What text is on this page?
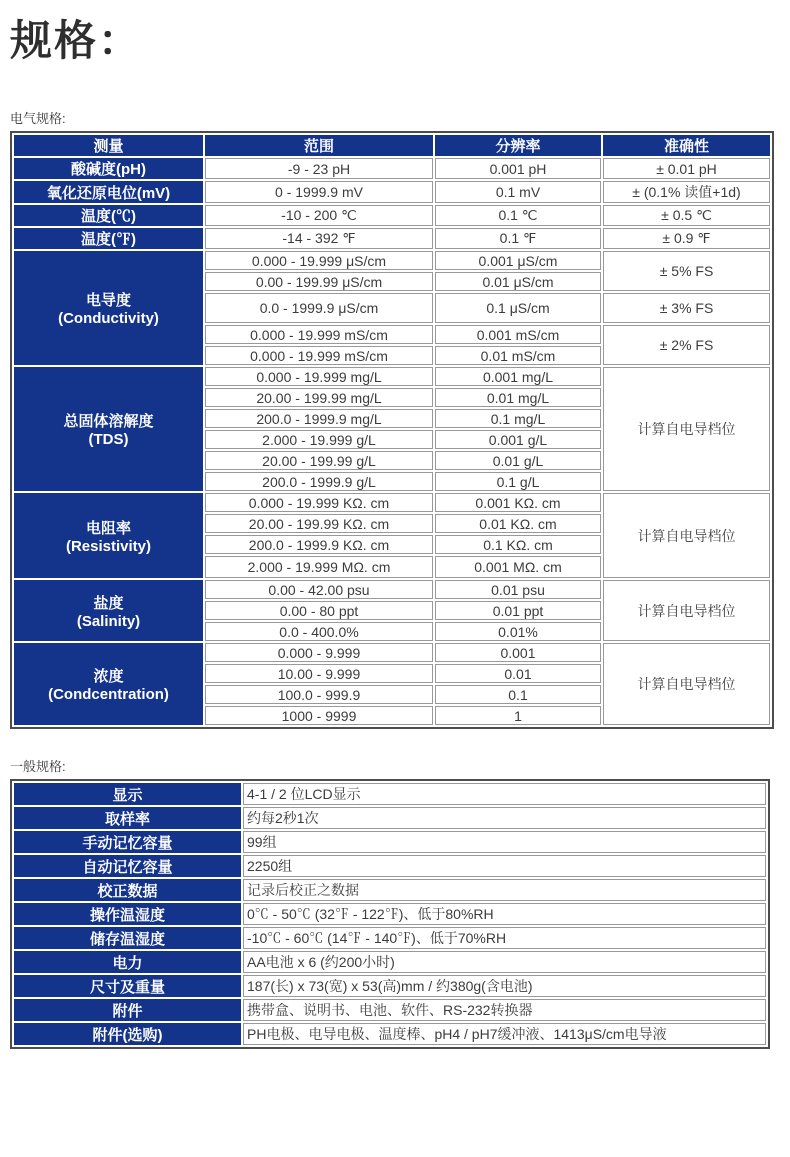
规格：
电气规格:
测量	范围	分辨率	准确性
酸碱度(pH)	-9 - 23 pH	0.001 pH	± 0.01 pH
氧化还原电位(mV)	0 - 1999.9 mV	0.1 mV	± (0.1% 读值+1d)
温度(℃)	-10 - 200 ℃	0.1 ℃	± 0.5 ℃
温度(℉)	-14 - 392 ℉	0.1 ℉	± 0.9 ℉

电导度
(Conductivity)	0.000 - 19.999 μS/cm	0.001 μS/cm	± 5% FS
	0.00 - 199.99 μS/cm	0.01 μS/cm	
	0.0 - 1999.9 μS/cm	0.1 μS/cm	± 3% FS
	0.000 - 19.999 mS/cm	0.001 mS/cm	± 2% FS
	0.000 - 19.999 mS/cm	0.01 mS/cm	

总固体溶解度
(TDS)	0.000 - 19.999 mg/L	0.001 mg/L	计算自电导档位
	20.00 - 199.99 mg/L	0.01 mg/L	
	200.0 - 1999.9 mg/L	0.1 mg/L	
	2.000 - 19.999 g/L	0.001 g/L	
	20.00 - 199.99 g/L	0.01 g/L	
	200.0 - 1999.9 g/L	0.1 g/L	

电阻率
(Resistivity)	0.000 - 19.999 KΩ. cm	0.001 KΩ. cm	计算自电导档位
	20.00 - 199.99 KΩ. cm	0.01 KΩ. cm	
	200.0 - 1999.9 KΩ. cm	0.1 KΩ. cm	
	2.000 - 19.999 MΩ. cm	0.001 MΩ. cm	

盐度
(Salinity)	0.00 - 42.00 psu	0.01 psu	计算自电导档位
	0.00 - 80 ppt	0.01 ppt	
	0.0 - 400.0%	0.01%	

浓度
(Condcentration)	0.000 - 9.999	0.001	计算自电导档位
	10.00 - 9.999	0.01	
	100.0 - 999.9	0.1	
	1000 - 9999	1	
一般规格:
显示	4-1 / 2 位LCD显示
取样率	约每2秒1次
手动记忆容量	99组
自动记忆容量	2250组
校正数据	记录后校正之数据
操作温湿度	0℃ - 50℃ (32℉ - 122℉)、低于80%RH
储存温湿度	-10℃ - 60℃ (14℉ - 140℉)、低于70%RH
电力	AA电池 x 6 (约200小时)
尺寸及重量	187(长) x 73(宽) x 53(高)mm / 约380g(含电池)
附件	携带盒、说明书、电池、软件、RS-232转换器
附件(选购)	PH电极、电导电极、温度棒、pH4 / pH7缓冲液、1413μS/cm电导液
